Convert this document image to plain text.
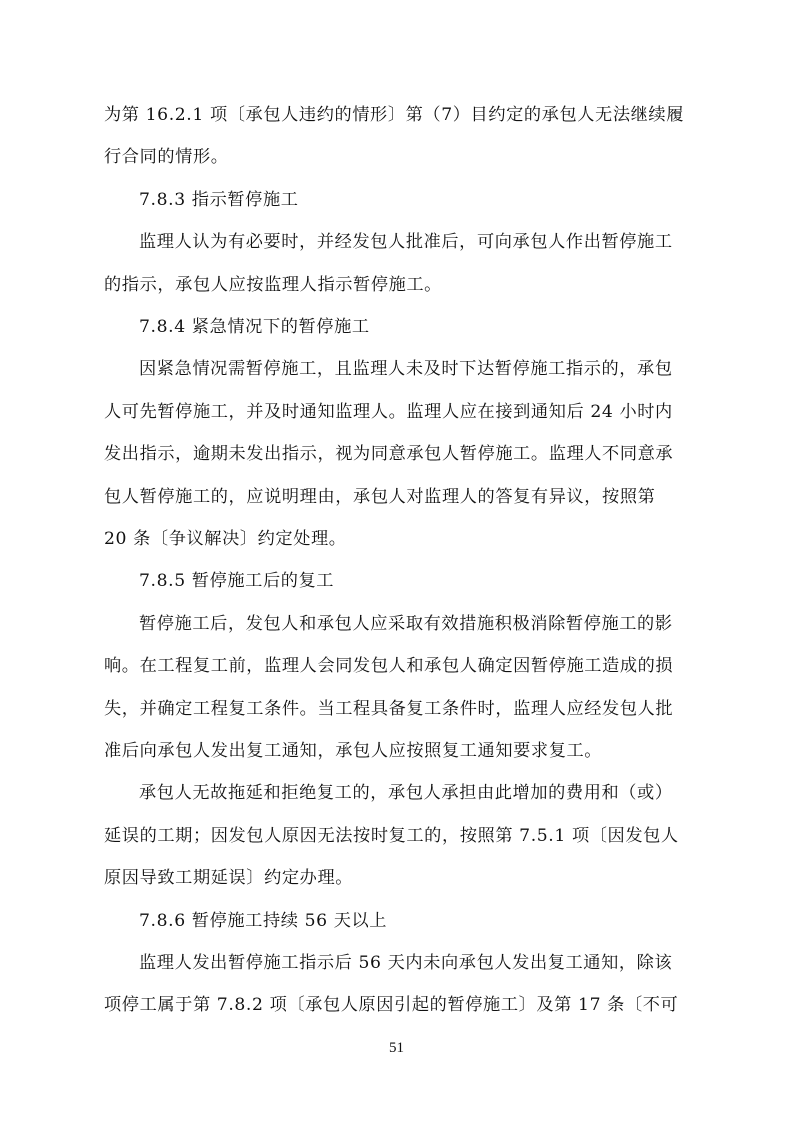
为第 16.2.1 项〔承包人违约的情形〕第（7）目约定的承包人无法继续履
行合同的情形。
7.8.3 指示暂停施工
监理人认为有必要时，并经发包人批准后，可向承包人作出暂停施工
的指示，承包人应按监理人指示暂停施工。
7.8.4 紧急情况下的暂停施工
因紧急情况需暂停施工，且监理人未及时下达暂停施工指示的，承包
人可先暂停施工，并及时通知监理人。监理人应在接到通知后 24 小时内
发出指示，逾期未发出指示，视为同意承包人暂停施工。监理人不同意承
包人暂停施工的，应说明理由，承包人对监理人的答复有异议，按照第
20 条〔争议解决〕约定处理。
7.8.5 暂停施工后的复工
暂停施工后，发包人和承包人应采取有效措施积极消除暂停施工的影
响。在工程复工前，监理人会同发包人和承包人确定因暂停施工造成的损
失，并确定工程复工条件。当工程具备复工条件时，监理人应经发包人批
准后向承包人发出复工通知，承包人应按照复工通知要求复工。
承包人无故拖延和拒绝复工的，承包人承担由此增加的费用和（或）
延误的工期；因发包人原因无法按时复工的，按照第 7.5.1 项〔因发包人
原因导致工期延误〕约定办理。
7.8.6 暂停施工持续 56 天以上
监理人发出暂停施工指示后 56 天内未向承包人发出复工通知，除该
项停工属于第 7.8.2 项〔承包人原因引起的暂停施工〕及第 17 条〔不可
51
